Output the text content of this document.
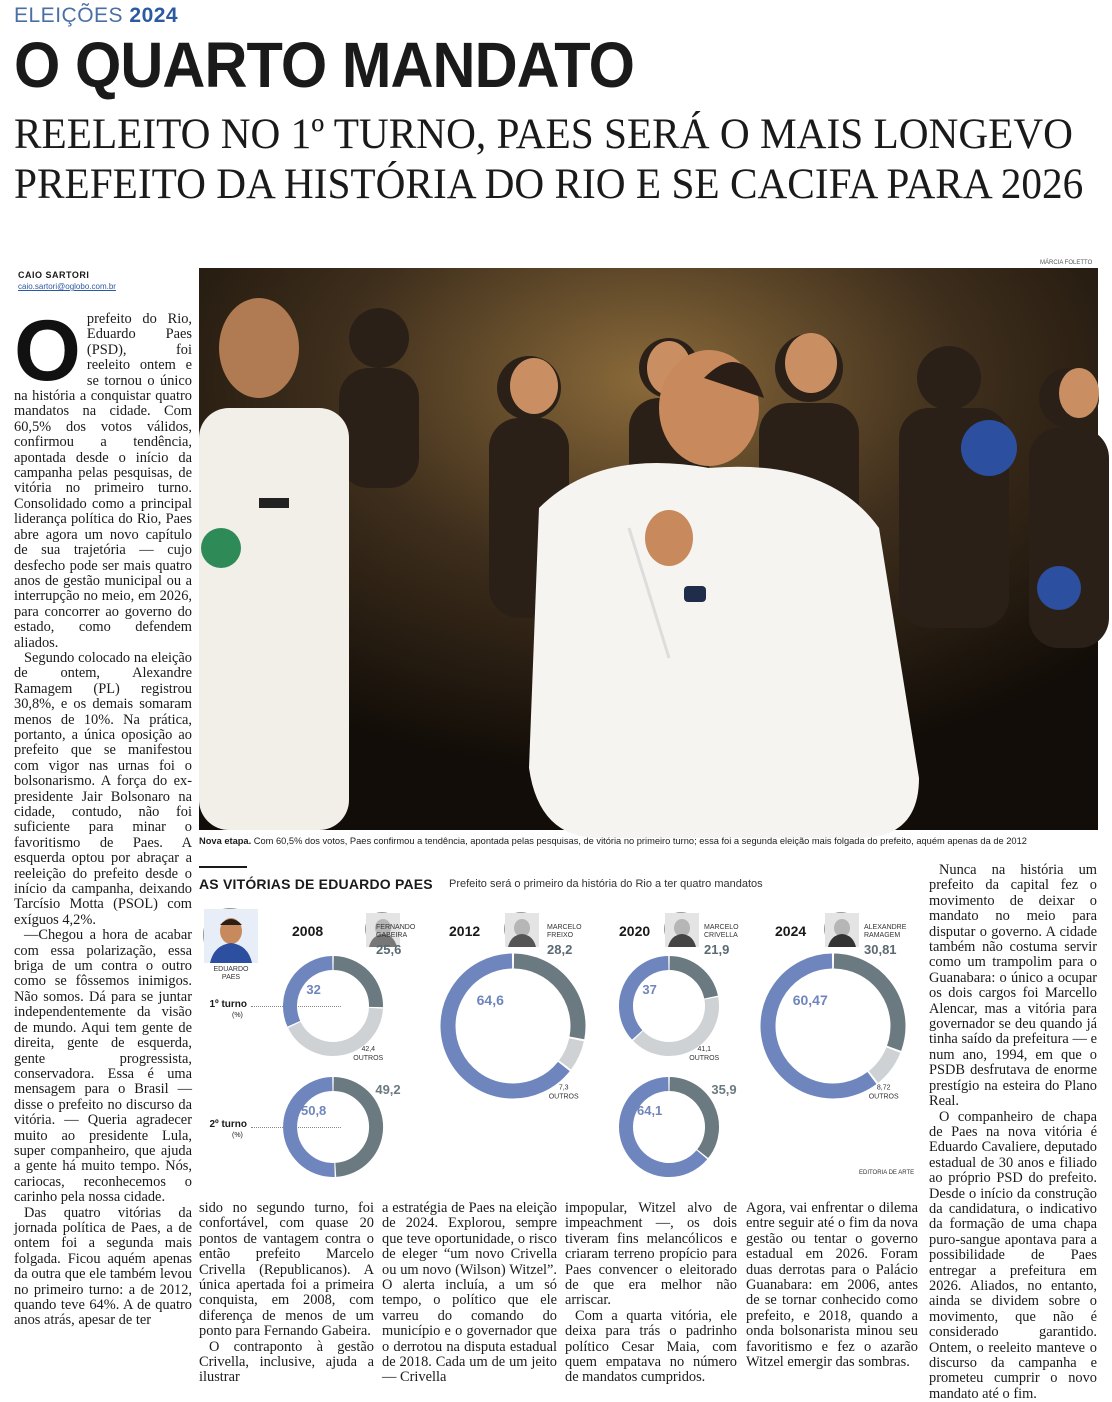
ELEIÇÕES 2024
O QUARTO MANDATO
REELEITO NO 1º TURNO, PAES SERÁ O MAIS LONGEVO
PREFEITO DA HISTÓRIA DO RIO E SE CACIFA PARA 2026
CAIO SARTORI
caio.sartori@oglobo.com.br
MÁRCIA FOLETTO
Nova etapa. Com 60,5% dos votos, Paes confirmou a tendência, apontada pelas pesquisas, de vitória no primeiro turno; essa foi a segunda eleição mais folgada do prefeito, aquém apenas da de 2012

Oprefeito do Rio, Eduardo Paes (PSD), foi reeleito ontem e se tornou o único na história a conquistar quatro mandatos na cidade. Com 60,5% dos votos válidos, confirmou a tendência, apontada desde o início da campanha pelas pesquisas, de vitória no primeiro turno. Consolidado como a principal liderança política do Rio, Paes abre agora um novo capítulo de sua trajetória — cujo desfecho pode ser mais quatro anos de gestão municipal ou a interrupção no meio, em 2026, para concorrer ao governo do estado, como defendem aliados.

Segundo colocado na eleição de ontem, Alexandre Ramagem (PL) registrou 30,8%, e os demais somaram menos de 10%. Na prática, portanto, a única oposição ao prefeito que se manifestou com vigor nas urnas foi o bolsonarismo. A força do ex-presidente Jair Bolsonaro na cidade, contudo, não foi suficiente para minar o favoritismo de Paes. A esquerda optou por abraçar a reeleição do prefeito desde o início da campanha, deixando Tarcísio Motta (PSOL) com exíguos 4,2%.

—Chegou a hora de acabar com essa polarização, essa briga de um contra o outro como se fôssemos inimigos. Não somos. Dá para se juntar independentemente da visão de mundo. Aqui tem gente de direita, gente de esquerda, gente progressista, conservadora. Essa é uma mensagem para o Brasil — disse o prefeito no discurso da vitória. — Queria agradecer muito ao presidente Lula, super companheiro, que ajuda a gente há muito tempo. Nós, cariocas, reconhecemos o carinho pela nossa cidade.

Das quatro vitórias da jornada política de Paes, a de ontem foi a segunda mais folgada. Ficou aquém apenas da outra que ele também levou no primeiro turno: a de 2012, quando teve 64%. A de quatro anos atrás, apesar de ter

Nunca na história um prefeito da capital fez o movimento de deixar o mandato no meio para disputar o governo. A cidade também não costuma servir como um trampolim para o Guanabara: o único a ocupar os dois cargos foi Marcello Alencar, mas a vitória para governador se deu quando já tinha saído da prefeitura — e num ano, 1994, em que o PSDB desfrutava de enorme prestígio na esteira do Plano Real.

O companheiro de chapa de Paes na nova vitória é Eduardo Cavaliere, deputado estadual de 30 anos e filiado ao próprio PSD do prefeito. Desde o início da construção da candidatura, o indicativo da formação de uma chapa puro-sangue apontava para a possibilidade de Paes entregar a prefeitura em 2026. Aliados, no entanto, ainda se dividem sobre o movimento, que não é considerado garantido. Ontem, o reeleito manteve o discurso da campanha e prometeu cumprir o novo mandato até o fim.

sido no segundo turno, foi confortável, com quase 20 pontos de vantagem contra o então prefeito Marcelo Crivella (Republicanos). A única apertada foi a primeira conquista, em 2008, com diferença de menos de um ponto para Fernando Gabeira.

O contraponto à gestão Crivella, inclusive, ajuda a ilustrar

a estratégia de Paes na eleição de 2024. Explorou, sempre que teve oportunidade, o risco de eleger “um novo Crivella ou um novo (Wilson) Witzel”. O alerta incluía, a um só tempo, o político que ele varreu do comando do município e o governador que o derrotou na disputa estadual de 2018. Cada um de um jeito — Crivella

impopular, Witzel alvo de impeachment —, os dois tiveram fins melancólicos e criaram terreno propício para Paes convencer o eleitorado de que era melhor não arriscar.

Com a quarta vitória, ele deixa para trás o padrinho político Cesar Maia, com quem empatava no número de mandatos cumpridos.

Agora, vai enfrentar o dilema entre seguir até o fim da nova gestão ou tentar o governo estadual em 2026. Foram duas derrotas para o Palácio Guanabara: em 2006, antes de se tornar conhecido como prefeito, e 2018, quando a onda bolsonarista minou seu favoritismo e fez o azarão Witzel emergir das sombras.

AS VITÓRIAS DE EDUARDO PAES Prefeito será o primeiro da história do Rio a ter quatro mandatos
EDUARDO
PAES
1º turno
(%)
2º turno
(%)
2008	FERNANDO
GABEIRA
25,6
2012	MARCELO
FREIXO
28,2
2020	MARCELO
CRIVELLA
21,9
2024	ALEXANDRE
RAMAGEM
30,81
32
42,4
OUTROS
50,8
49,2
64,6
7,3
OUTROS
37
41,1
OUTROS
64,1
35,9
60,47
8,72
OUTROS
EDITORIA DE ARTE
